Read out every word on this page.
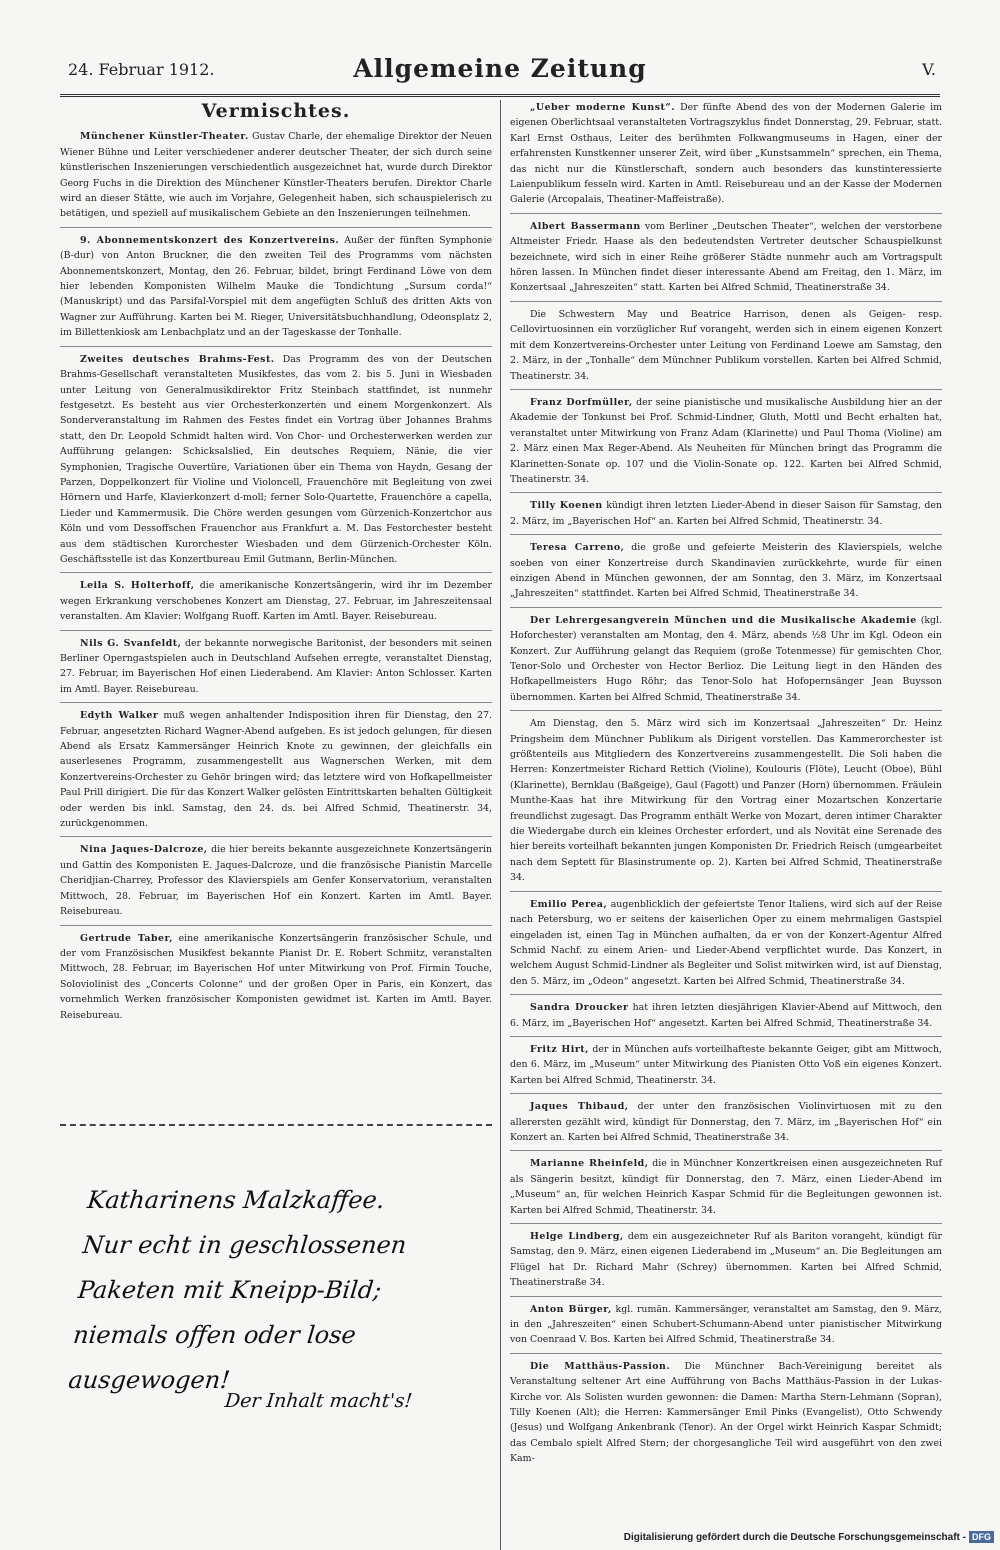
24. Februar 1912.	Allgemeine Zeitung	V.
Vermischtes.
Münchener Künstler-Theater. Gustav Charle, der ehemalige Direktor der Neuen Wiener Bühne und Leiter verschiedener anderer deutscher Theater, der sich durch seine künstlerischen Inszenierungen verschiedentlich ausgezeichnet hat, wurde durch Direktor Georg Fuchs in die Direktion des Münchener Künstler-Theaters berufen. Direktor Charle wird an dieser Stätte, wie auch im Vorjahre, Gelegenheit haben, sich schauspielerisch zu betätigen, und speziell auf musikalischem Gebiete an den Inszenierungen teilnehmen.
9. Abonnementskonzert des Konzertvereins. Außer der fünften Symphonie (B-dur) von Anton Bruckner, die den zweiten Teil des Programms vom nächsten Abonnementskonzert, Montag, den 26. Februar, bildet, bringt Ferdinand Löwe von dem hier lebenden Komponisten Wilhelm Mauke die Tondichtung „Sursum corda!“ (Manuskript) und das Parsifal-Vorspiel mit dem angefügten Schluß des dritten Akts von Wagner zur Aufführung. Karten bei M. Rieger, Universitätsbuchhandlung, Odeonsplatz 2, im Billettenkiosk am Lenbachplatz und an der Tageskasse der Tonhalle.
Zweites deutsches Brahms-Fest. Das Programm des von der Deutschen Brahms-Gesellschaft veranstalteten Musikfestes, das vom 2. bis 5. Juni in Wiesbaden unter Leitung von Generalmusikdirektor Fritz Steinbach stattfindet, ist nunmehr festgesetzt. Es besteht aus vier Orchesterkonzerten und einem Morgenkonzert. Als Sonderveranstaltung im Rahmen des Festes findet ein Vortrag über Johannes Brahms statt, den Dr. Leopold Schmidt halten wird. Von Chor- und Orchesterwerken werden zur Aufführung gelangen: Schicksalslied, Ein deutsches Requiem, Nänie, die vier Symphonien, Tragische Ouvertüre, Variationen über ein Thema von Haydn, Gesang der Parzen, Doppelkonzert für Violine und Violoncell, Frauenchöre mit Begleitung von zwei Hörnern und Harfe, Klavierkonzert d-moll; ferner Solo-Quartette, Frauenchöre a capella, Lieder und Kammermusik. Die Chöre werden gesungen vom Gürzenich-Konzertchor aus Köln und vom Dessoffschen Frauenchor aus Frankfurt a. M. Das Festorchester besteht aus dem städtischen Kurorchester Wiesbaden und dem Gürzenich-Orchester Köln. Geschäftsstelle ist das Konzertbureau Emil Gutmann, Berlin-München.
Leila S. Holterhoff, die amerikanische Konzertsängerin, wird ihr im Dezember wegen Erkrankung verschobenes Konzert am Dienstag, 27. Februar, im Jahreszeitensaal veranstalten. Am Klavier: Wolfgang Ruoff. Karten im Amtl. Bayer. Reisebureau.
Nils G. Svanfeldt, der bekannte norwegische Baritonist, der besonders mit seinen Berliner Operngastspielen auch in Deutschland Aufsehen erregte, veranstaltet Dienstag, 27. Februar, im Bayerischen Hof einen Liederabend. Am Klavier: Anton Schlosser. Karten im Amtl. Bayer. Reisebureau.
Edyth Walker muß wegen anhaltender Indisposition ihren für Dienstag, den 27. Februar, angesetzten Richard Wagner-Abend aufgeben. Es ist jedoch gelungen, für diesen Abend als Ersatz Kammersänger Heinrich Knote zu gewinnen, der gleichfalls ein auserlesenes Programm, zusammengestellt aus Wagnerschen Werken, mit dem Konzertvereins-Orchester zu Gehör bringen wird; das letztere wird von Hofkapellmeister Paul Prill dirigiert. Die für das Konzert Walker gelösten Eintrittskarten behalten Gültigkeit oder werden bis inkl. Samstag, den 24. ds. bei Alfred Schmid, Theatinerstr. 34, zurückgenommen.
Nina Jaques-Dalcroze, die hier bereits bekannte ausgezeichnete Konzertsängerin und Gattin des Komponisten E. Jaques-Dalcroze, und die französische Pianistin Marcelle Cheridjian-Charrey, Professor des Klavierspiels am Genfer Konservatorium, veranstalten Mittwoch, 28. Februar, im Bayerischen Hof ein Konzert. Karten im Amtl. Bayer. Reisebureau.
Gertrude Taber, eine amerikanische Konzertsängerin französischer Schule, und der vom Französischen Musikfest bekannte Pianist Dr. E. Robert Schmitz, veranstalten Mittwoch, 28. Februar, im Bayerischen Hof unter Mitwirkung von Prof. Firmin Touche, Soloviolinist des „Concerts Colonne“ und der großen Oper in Paris, ein Konzert, das vornehmlich Werken französischer Komponisten gewidmet ist. Karten im Amtl. Bayer. Reisebureau.
Katharinens Malzkaffee.
Nur echt in geschlossenen
Paketen mit Kneipp-Bild;
niemals offen oder lose
ausgewogen!
Der Inhalt macht's!
„Ueber moderne Kunst“. Der fünfte Abend des von der Modernen Galerie im eigenen Oberlichtsaal veranstalteten Vortragszyklus findet Donnerstag, 29. Februar, statt. Karl Ernst Osthaus, Leiter des berühmten Folkwangmuseums in Hagen, einer der erfahrensten Kunstkenner unserer Zeit, wird über „Kunstsammeln“ sprechen, ein Thema, das nicht nur die Künstlerschaft, sondern auch besonders das kunstinteressierte Laienpublikum fesseln wird. Karten in Amtl. Reisebureau und an der Kasse der Modernen Galerie (Arcopalais, Theatiner-Maffeistraße).
Albert Bassermann vom Berliner „Deutschen Theater“, welchen der verstorbene Altmeister Friedr. Haase als den bedeutendsten Vertreter deutscher Schauspielkunst bezeichnete, wird sich in einer Reihe größerer Städte nunmehr auch am Vortragspult hören lassen. In München findet dieser interessante Abend am Freitag, den 1. März, im Konzertsaal „Jahreszeiten“ statt. Karten bei Alfred Schmid, Theatinerstraße 34.
Die Schwestern May und Beatrice Harrison, denen als Geigen- resp. Cellovirtuosinnen ein vorzüglicher Ruf vorangeht, werden sich in einem eigenen Konzert mit dem Konzertvereins-Orchester unter Leitung von Ferdinand Loewe am Samstag, den 2. März, in der „Tonhalle“ dem Münchner Publikum vorstellen. Karten bei Alfred Schmid, Theatinerstr. 34.
Franz Dorfmüller, der seine pianistische und musikalische Ausbildung hier an der Akademie der Tonkunst bei Prof. Schmid-Lindner, Gluth, Mottl und Becht erhalten hat, veranstaltet unter Mitwirkung von Franz Adam (Klarinette) und Paul Thoma (Violine) am 2. März einen Max Reger-Abend. Als Neuheiten für München bringt das Programm die Klarinetten-Sonate op. 107 und die Violin-Sonate op. 122. Karten bei Alfred Schmid, Theatinerstr. 34.
Tilly Koenen kündigt ihren letzten Lieder-Abend in dieser Saison für Samstag, den 2. März, im „Bayerischen Hof“ an. Karten bei Alfred Schmid, Theatinerstr. 34.
Teresa Carreno, die große und gefeierte Meisterin des Klavierspiels, welche soeben von einer Konzertreise durch Skandinavien zurückkehrte, wurde für einen einzigen Abend in München gewonnen, der am Sonntag, den 3. März, im Konzertsaal „Jahreszeiten“ stattfindet. Karten bei Alfred Schmid, Theatinerstraße 34.
Der Lehrergesangverein München und die Musikalische Akademie (kgl. Hoforchester) veranstalten am Montag, den 4. März, abends ½8 Uhr im Kgl. Odeon ein Konzert. Zur Aufführung gelangt das Requiem (große Totenmesse) für gemischten Chor, Tenor-Solo und Orchester von Hector Berlioz. Die Leitung liegt in den Händen des Hofkapellmeisters Hugo Röhr; das Tenor-Solo hat Hofopernsänger Jean Buysson übernommen. Karten bei Alfred Schmid, Theatinerstraße 34.
Am Dienstag, den 5. März wird sich im Konzertsaal „Jahreszeiten“ Dr. Heinz Pringsheim dem Münchner Publikum als Dirigent vorstellen. Das Kammerorchester ist größtenteils aus Mitgliedern des Konzertvereins zusammengestellt. Die Soli haben die Herren: Konzertmeister Richard Rettich (Violine), Koulouris (Flöte), Leucht (Oboe), Bühl (Klarinette), Bernklau (Baßgeige), Gaul (Fagott) und Panzer (Horn) übernommen. Fräulein Munthe-Kaas hat ihre Mitwirkung für den Vortrag einer Mozartschen Konzertarie freundlichst zugesagt. Das Programm enthält Werke von Mozart, deren intimer Charakter die Wiedergabe durch ein kleines Orchester erfordert, und als Novität eine Serenade des hier bereits vorteilhaft bekannten jungen Komponisten Dr. Friedrich Reisch (umgearbeitet nach dem Septett für Blasinstrumente op. 2). Karten bei Alfred Schmid, Theatinerstraße 34.
Emilio Perea, augenblicklich der gefeiertste Tenor Italiens, wird sich auf der Reise nach Petersburg, wo er seitens der kaiserlichen Oper zu einem mehrmaligen Gastspiel eingeladen ist, einen Tag in München aufhalten, da er von der Konzert-Agentur Alfred Schmid Nachf. zu einem Arien- und Lieder-Abend verpflichtet wurde. Das Konzert, in welchem August Schmid-Lindner als Begleiter und Solist mitwirken wird, ist auf Dienstag, den 5. März, im „Odeon“ angesetzt. Karten bei Alfred Schmid, Theatinerstraße 34.
Sandra Droucker hat ihren letzten diesjährigen Klavier-Abend auf Mittwoch, den 6. März, im „Bayerischen Hof“ angesetzt. Karten bei Alfred Schmid, Theatinerstraße 34.
Fritz Hirt, der in München aufs vorteilhafteste bekannte Geiger, gibt am Mittwoch, den 6. März, im „Museum“ unter Mitwirkung des Pianisten Otto Voß ein eigenes Konzert. Karten bei Alfred Schmid, Theatinerstr. 34.
Jaques Thibaud, der unter den französischen Violinvirtuosen mit zu den allerersten gezählt wird, kündigt für Donnerstag, den 7. März, im „Bayerischen Hof“ ein Konzert an. Karten bei Alfred Schmid, Theatinerstraße 34.
Marianne Rheinfeld, die in Münchner Konzertkreisen einen ausgezeichneten Ruf als Sängerin besitzt, kündigt für Donnerstag, den 7. März, einen Lieder-Abend im „Museum“ an, für welchen Heinrich Kaspar Schmid für die Begleitungen gewonnen ist. Karten bei Alfred Schmid, Theatinerstr. 34.
Helge Lindberg, dem ein ausgezeichneter Ruf als Bariton vorangeht, kündigt für Samstag, den 9. März, einen eigenen Liederabend im „Museum“ an. Die Begleitungen am Flügel hat Dr. Richard Mahr (Schrey) übernommen. Karten bei Alfred Schmid, Theatinerstraße 34.
Anton Bürger, kgl. rumän. Kammersänger, veranstaltet am Samstag, den 9. März, in den „Jahreszeiten“ einen Schubert-Schumann-Abend unter pianistischer Mitwirkung von Coenraad V. Bos. Karten bei Alfred Schmid, Theatinerstraße 34.
Die Matthäus-Passion. Die Münchner Bach-Vereinigung bereitet als Veranstaltung seltener Art eine Aufführung von Bachs Matthäus-Passion in der Lukas-Kirche vor. Als Solisten wurden gewonnen: die Damen: Martha Stern-Lehmann (Sopran), Tilly Koenen (Alt); die Herren: Kammersänger Emil Pinks (Evangelist), Otto Schwendy (Jesus) und Wolfgang Ankenbrank (Tenor). An der Orgel wirkt Heinrich Kaspar Schmidt; das Cembalo spielt Alfred Stern; der chorgesangliche Teil wird ausgeführt von den zwei Kam-
Digitalisierung gefördert durch die Deutsche Forschungsgemeinschaft - DFG
